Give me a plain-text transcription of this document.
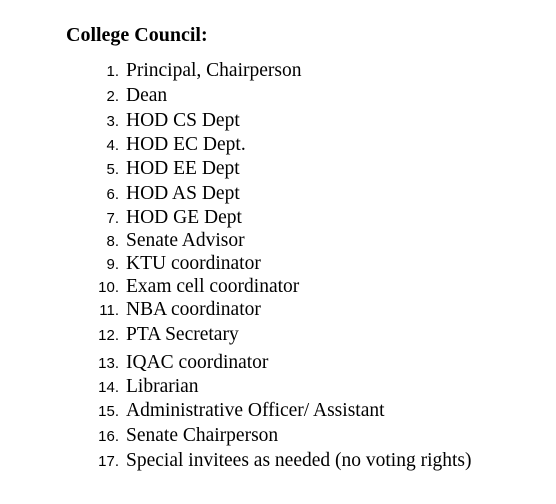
College Council:
1. Principal, Chairperson
2. Dean
3. HOD CS Dept
4. HOD EC Dept.
5. HOD EE Dept
6. HOD AS Dept
7. HOD GE Dept
8. Senate Advisor
9. KTU coordinator
10. Exam cell coordinator
11. NBA coordinator
12. PTA Secretary
13. IQAC coordinator
14. Librarian
15. Administrative Officer/ Assistant
16. Senate Chairperson
17. Special invitees as needed (no voting rights)
